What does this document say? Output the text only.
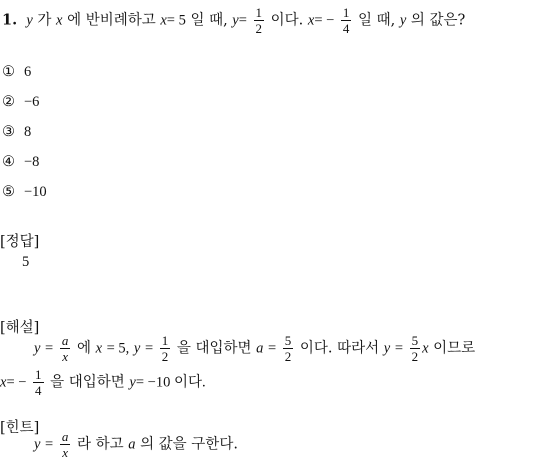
1. y 가 x 에 반비례하고 x= 5 일 때, $y= \frac{1}{2}$ 이다. $x= - \frac{1}{4}$ 일 때, y 의 값은?
① 6
② −6
③ 8
④ −8
⑤ −10
[정답]
5
[해설]
$y = \frac{a}{x}$ 에 x = 5, $y = \frac{1}{2}$ 을 대입하면 $a = \frac{5}{2}$ 이다. 따라서 $y = \frac{5}{2}$ x 이므로
$x= - \frac{1}{4}$ 을 대입하면 y= −10 이다.
[힌트]
$y = \frac{a}{x}$ 라 하고 a 의 값을 구한다.
